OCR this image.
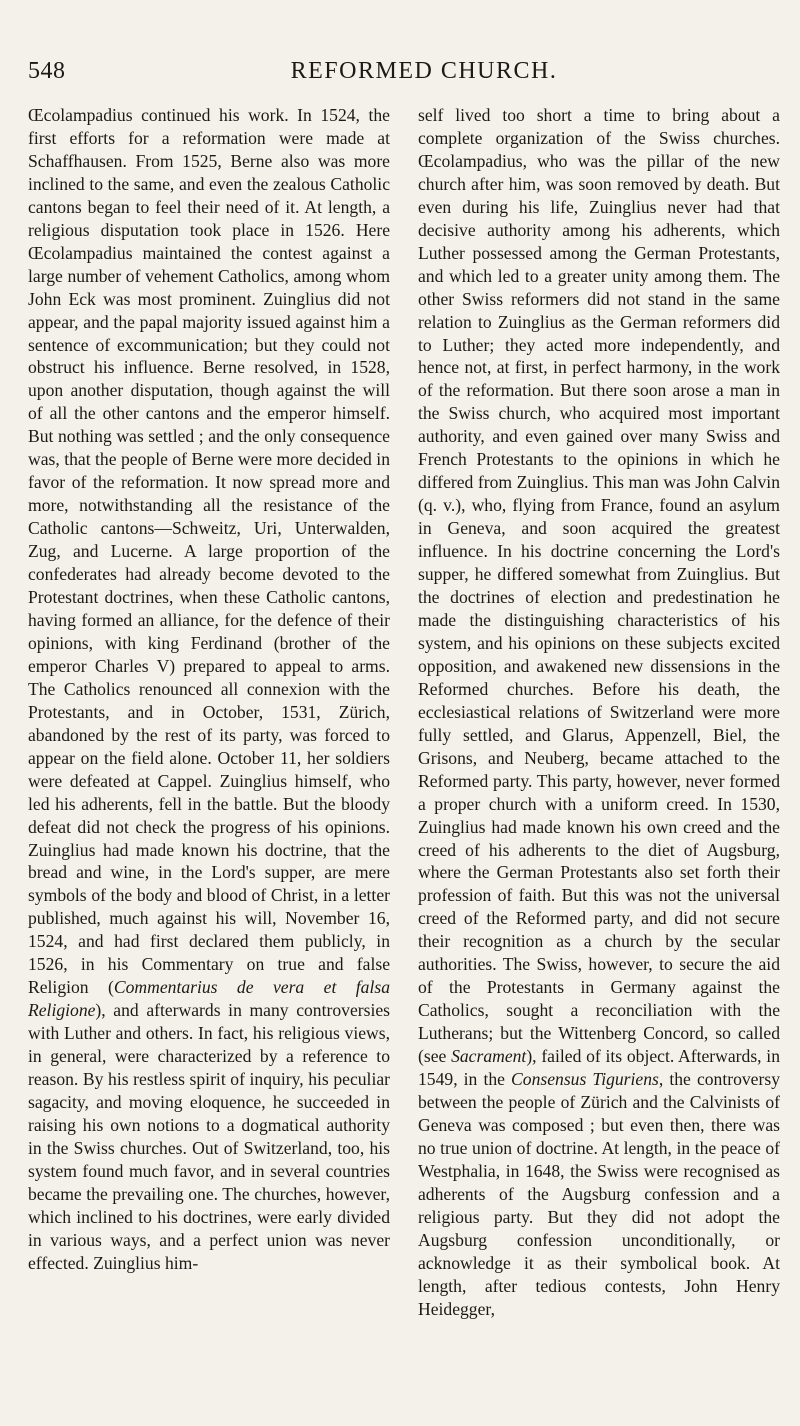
548	REFORMED CHURCH.

Œcolampadius continued his work. In 1524, the first efforts for a reformation were made at Schaffhausen. From 1525, Berne also was more inclined to the same, and even the zealous Catholic cantons began to feel their need of it. At length, a religious disputation took place in 1526. Here Œcolampadius maintained the contest against a large number of vehement Catholics, among whom John Eck was most prominent. Zuinglius did not appear, and the papal majority issued against him a sentence of excommunication; but they could not obstruct his influence. Berne resolved, in 1528, upon another disputation, though against the will of all the other cantons and the emperor himself. But nothing was settled ; and the only consequence was, that the people of Berne were more decided in favor of the reformation. It now spread more and more, notwithstanding all the resistance of the Catholic cantons—Schweitz, Uri, Unterwalden, Zug, and Lucerne. A large proportion of the confederates had already become devoted to the Protestant doctrines, when these Catholic cantons, having formed an alliance, for the defence of their opinions, with king Ferdinand (brother of the emperor Charles V) prepared to appeal to arms. The Catholics renounced all connexion with the Protestants, and in October, 1531, Zürich, abandoned by the rest of its party, was forced to appear on the field alone. October 11, her soldiers were defeated at Cappel. Zuinglius himself, who led his adherents, fell in the battle. But the bloody defeat did not check the progress of his opinions. Zuinglius had made known his doctrine, that the bread and wine, in the Lord's supper, are mere symbols of the body and blood of Christ, in a letter published, much against his will, November 16, 1524, and had first declared them publicly, in 1526, in his Commentary on true and false Religion (Commentarius de vera et falsa Religione), and afterwards in many controversies with Luther and others. In fact, his religious views, in general, were characterized by a reference to reason. By his restless spirit of inquiry, his peculiar sagacity, and moving eloquence, he succeeded in raising his own notions to a dogmatical authority in the Swiss churches. Out of Switzerland, too, his system found much favor, and in several countries became the prevailing one. The churches, however, which inclined to his doctrines, were early divided in various ways, and a perfect union was never effected. Zuinglius him-

self lived too short a time to bring about a complete organization of the Swiss churches. Œcolampadius, who was the pillar of the new church after him, was soon removed by death. But even during his life, Zuinglius never had that decisive authority among his adherents, which Luther possessed among the German Protestants, and which led to a greater unity among them. The other Swiss reformers did not stand in the same relation to Zuinglius as the German reformers did to Luther; they acted more independently, and hence not, at first, in perfect harmony, in the work of the reformation. But there soon arose a man in the Swiss church, who acquired most important authority, and even gained over many Swiss and French Protestants to the opinions in which he differed from Zuinglius. This man was John Calvin (q. v.), who, flying from France, found an asylum in Geneva, and soon acquired the greatest influence. In his doctrine concerning the Lord's supper, he differed somewhat from Zuinglius. But the doctrines of election and predestination he made the distinguishing characteristics of his system, and his opinions on these subjects excited opposition, and awakened new dissensions in the Reformed churches. Before his death, the ecclesiastical relations of Switzerland were more fully settled, and Glarus, Appenzell, Biel, the Grisons, and Neuberg, became attached to the Reformed party. This party, however, never formed a proper church with a uniform creed. In 1530, Zuinglius had made known his own creed and the creed of his adherents to the diet of Augsburg, where the German Protestants also set forth their profession of faith. But this was not the universal creed of the Reformed party, and did not secure their recognition as a church by the secular authorities. The Swiss, however, to secure the aid of the Protestants in Germany against the Catholics, sought a reconciliation with the Lutherans; but the Wittenberg Concord, so called (see Sacrament), failed of its object. Afterwards, in 1549, in the Consensus Tiguriens, the controversy between the people of Zürich and the Calvinists of Geneva was composed ; but even then, there was no true union of doctrine. At length, in the peace of Westphalia, in 1648, the Swiss were recognised as adherents of the Augsburg confession and a religious party. But they did not adopt the Augsburg confession unconditionally, or acknowledge it as their symbolical book. At length, after tedious contests, John Henry Heidegger,
